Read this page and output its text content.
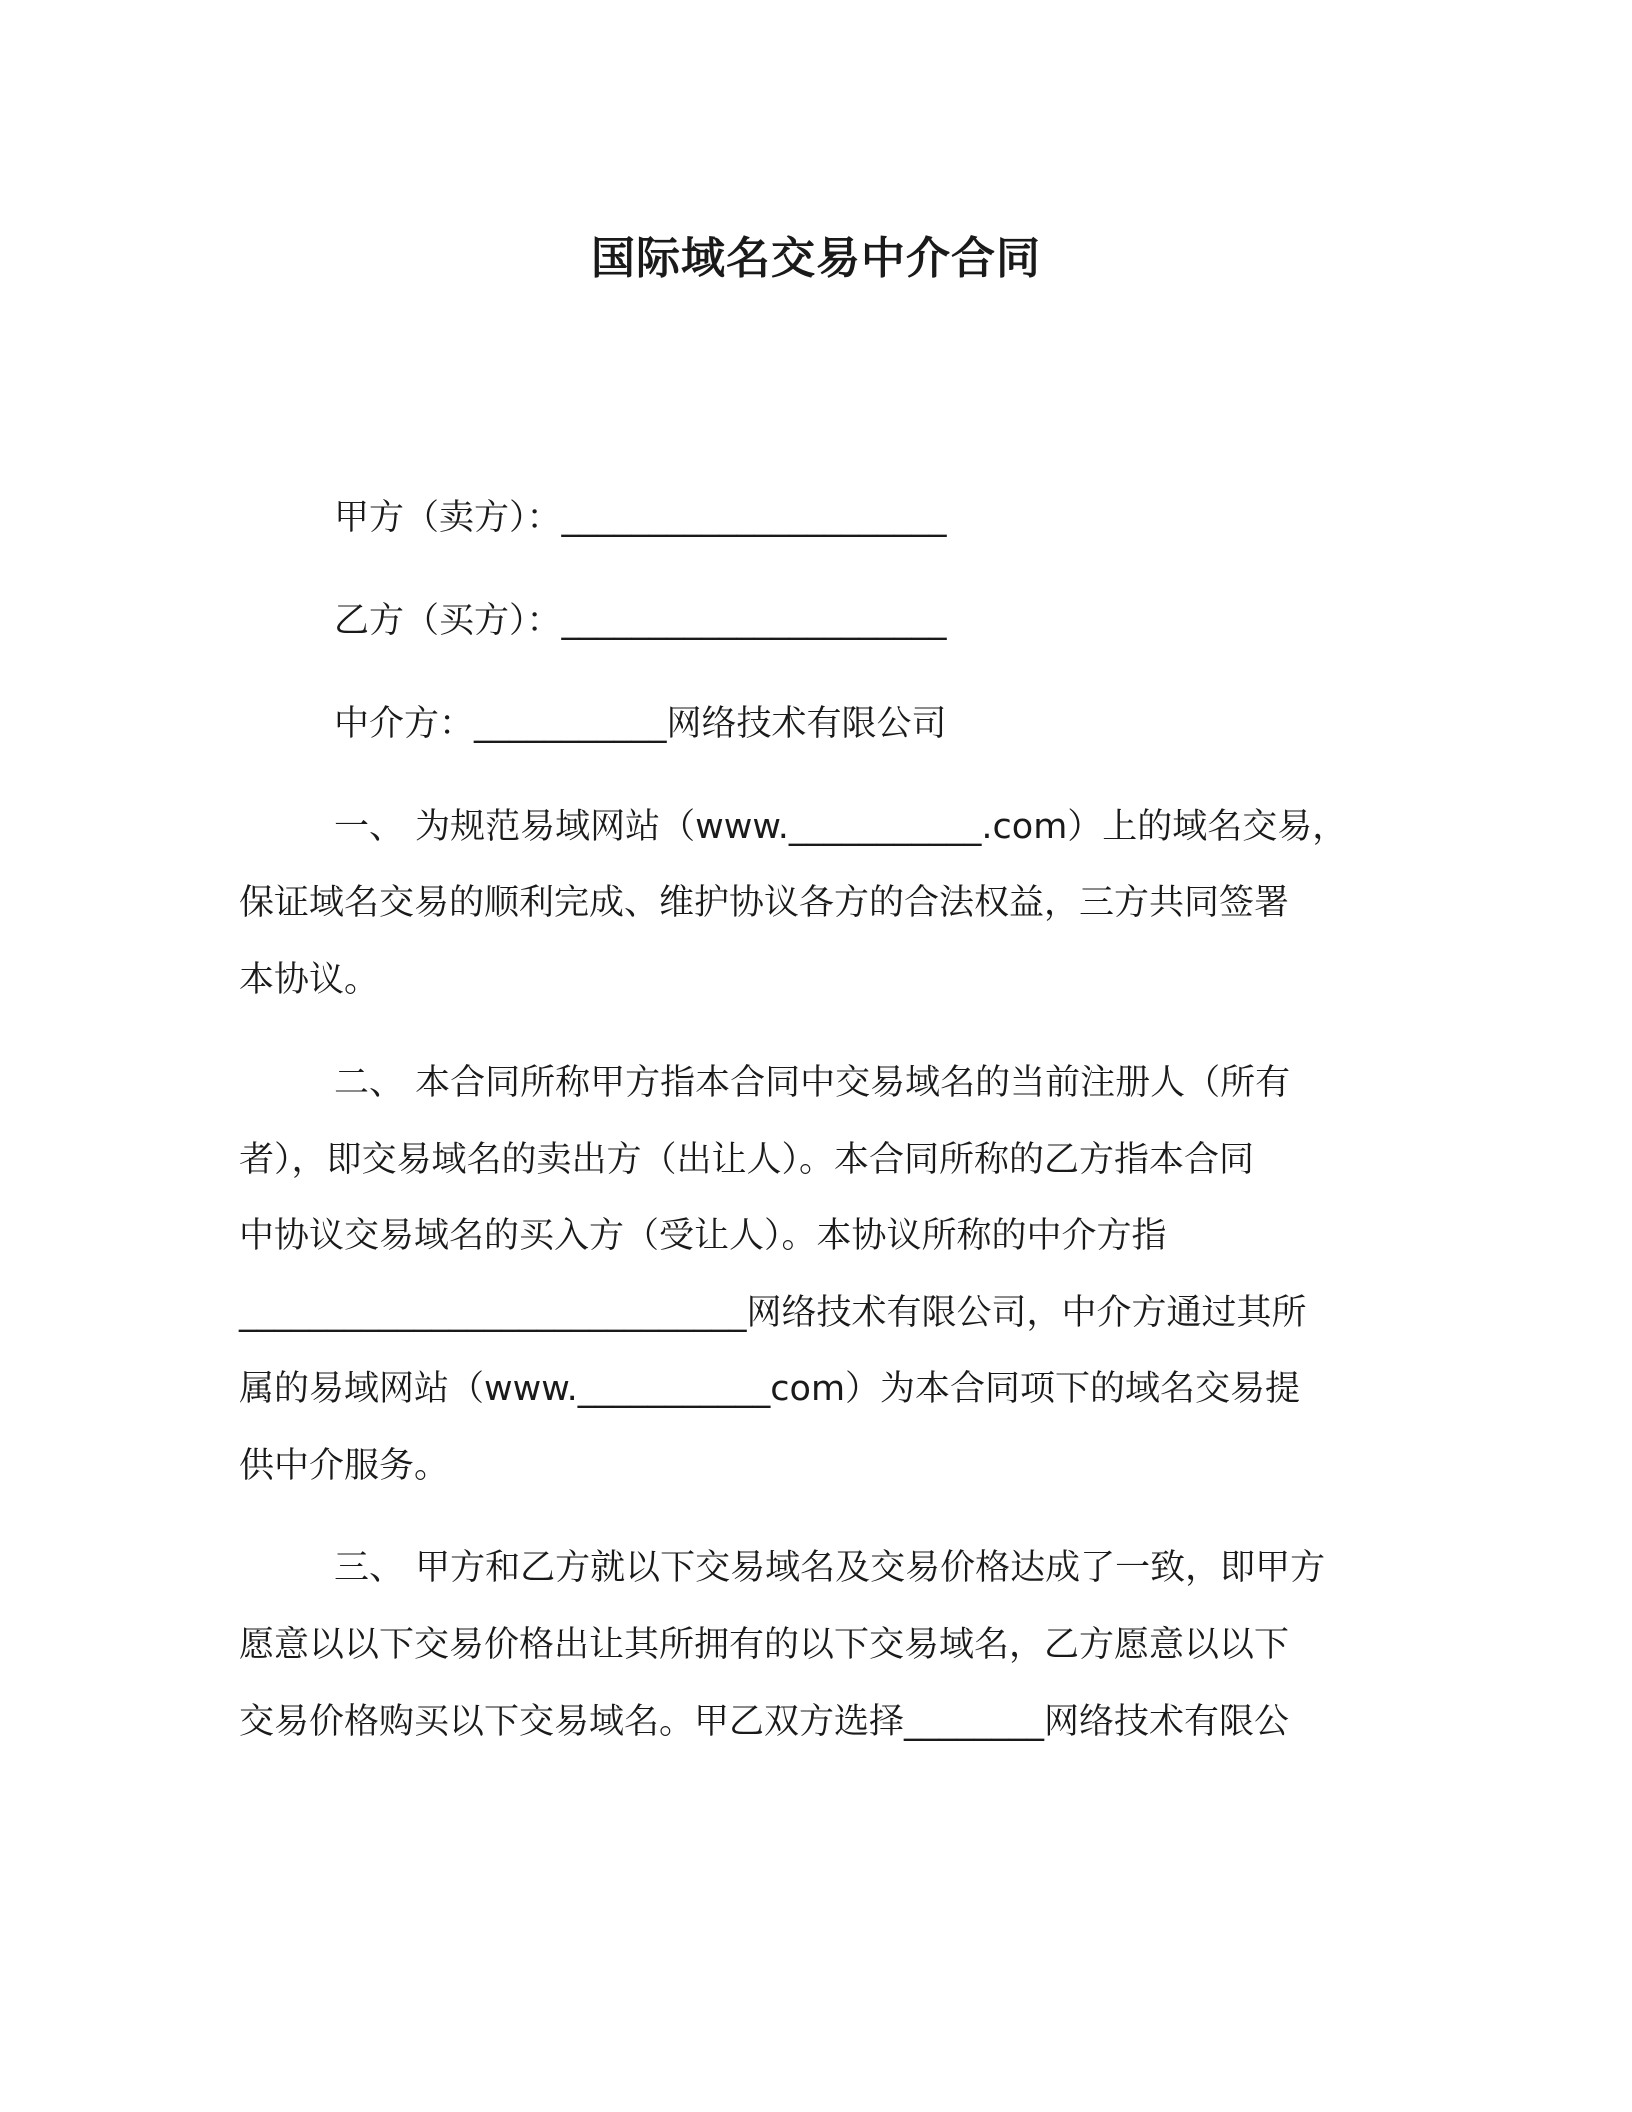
国际域名交易中介合同
甲方（卖方）：______________________
乙方（买方）：______________________
中介方：___________网络技术有限公司
一、 为规范易域网站（www.___________.com）上的域名交易，
保证域名交易的顺利完成、维护协议各方的合法权益，三方共同签署
本协议。
二、 本合同所称甲方指本合同中交易域名的当前注册人（所有
者），即交易域名的卖出方（出让人）。本合同所称的乙方指本合同
中协议交易域名的买入方（受让人）。本协议所称的中介方指
_____________________________网络技术有限公司，中介方通过其所
属的易域网站（www.___________com）为本合同项下的域名交易提
供中介服务。
三、 甲方和乙方就以下交易域名及交易价格达成了一致，即甲方
愿意以以下交易价格出让其所拥有的以下交易域名，乙方愿意以以下
交易价格购买以下交易域名。甲乙双方选择________网络技术有限公
